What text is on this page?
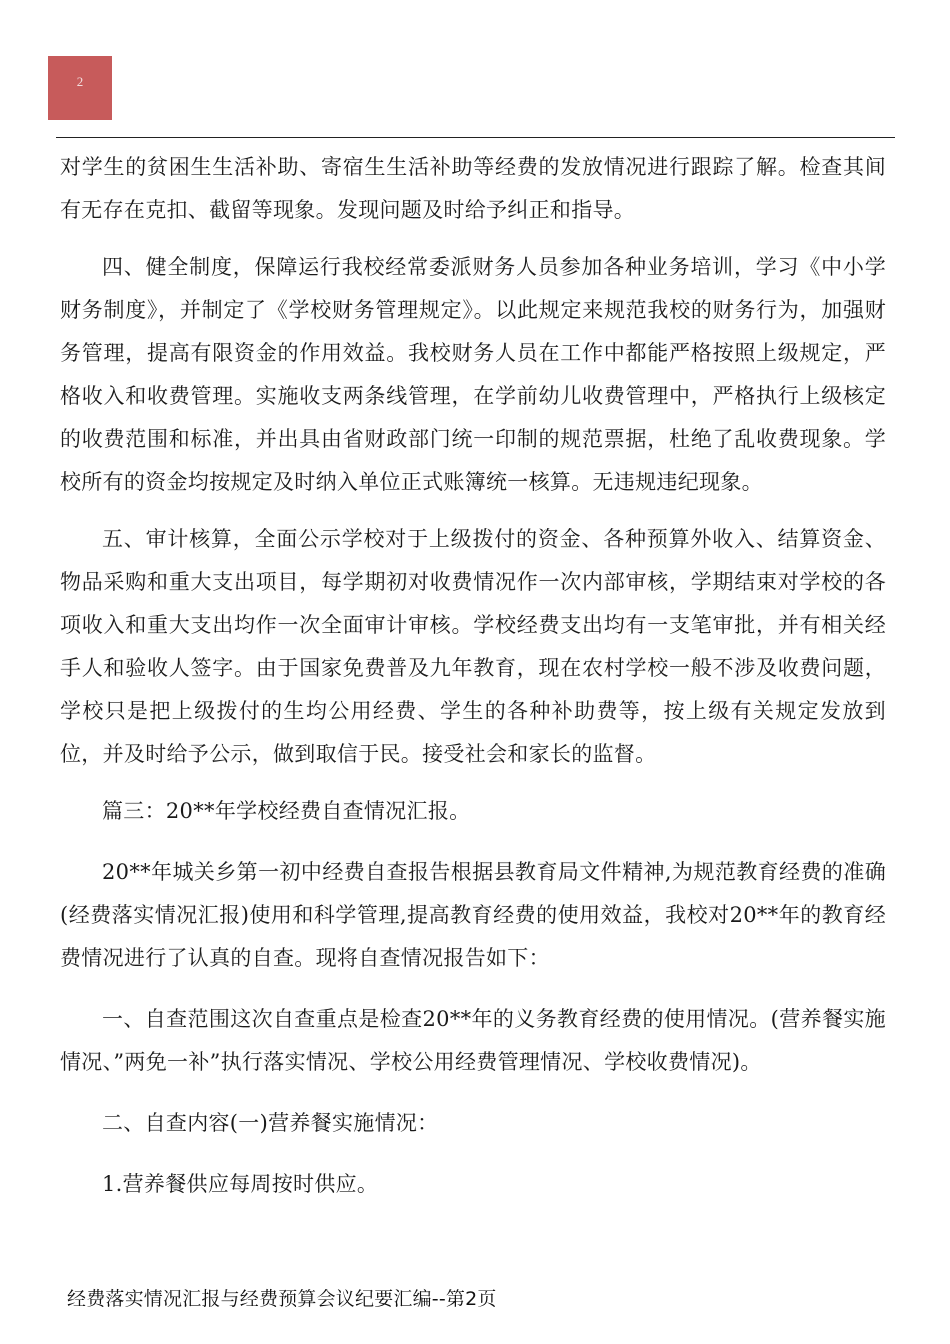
2

对学生的贫困生生活补助、寄宿生生活补助等经费的发放情况进行跟踪了解。检查其间有无存在克扣、截留等现象。发现问题及时给予纠正和指导。

四、健全制度，保障运行我校经常委派财务人员参加各种业务培训，学习《中小学财务制度》，并制定了《学校财务管理规定》。以此规定来规范我校的财务行为，加强财务管理，提高有限资金的作用效益。我校财务人员在工作中都能严格按照上级规定，严格收入和收费管理。实施收支两条线管理，在学前幼儿收费管理中，严格执行上级核定的收费范围和标准，并出具由省财政部门统一印制的规范票据，杜绝了乱收费现象。学校所有的资金均按规定及时纳入单位正式账簿统一核算。无违规违纪现象。

五、审计核算，全面公示学校对于上级拨付的资金、各种预算外收入、结算资金、物品采购和重大支出项目，每学期初对收费情况作一次内部审核，学期结束对学校的各项收入和重大支出均作一次全面审计审核。学校经费支出均有一支笔审批，并有相关经手人和验收人签字。由于国家免费普及九年教育，现在农村学校一般不涉及收费问题，学校只是把上级拨付的生均公用经费、学生的各种补助费等，按上级有关规定发放到位，并及时给予公示，做到取信于民。接受社会和家长的监督。

篇三：20**年学校经费自查情况汇报。

20**年城关乡第一初中经费自查报告根据县教育局文件精神,为规范教育经费的准确(经费落实情况汇报)使用和科学管理,提高教育经费的使用效益，我校对20**年的教育经费情况进行了认真的自查。现将自查情况报告如下：

一、自查范围这次自查重点是检查20**年的义务教育经费的使用情况。(营养餐实施情况、”两免一补”执行落实情况、学校公用经费管理情况、学校收费情况)。

二、自查内容(一)营养餐实施情况：

1.营养餐供应每周按时供应。

经费落实情况汇报与经费预算会议纪要汇编--第2页
